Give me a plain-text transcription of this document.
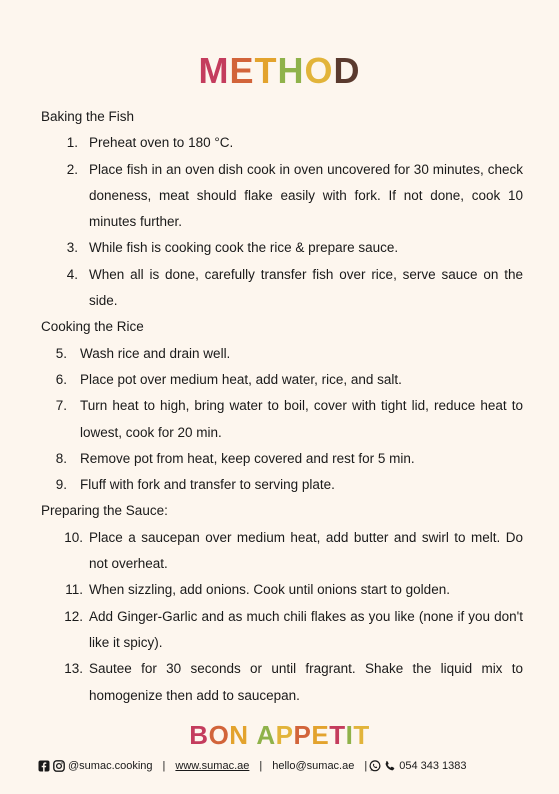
METHOD
Baking the Fish
1. Preheat oven to 180 °C.
2. Place fish in an oven dish cook in oven uncovered for 30 minutes, check doneness, meat should flake easily with fork. If not done, cook 10 minutes further.
3. While fish is cooking cook the rice & prepare sauce.
4. When all is done, carefully transfer fish over rice, serve sauce on the side.
Cooking the Rice
5. Wash rice and drain well.
6. Place pot over medium heat, add water, rice, and salt.
7. Turn heat to high, bring water to boil, cover with tight lid, reduce heat to lowest, cook for 20 min.
8. Remove pot from heat, keep covered and rest for 5 min.
9. Fluff with fork and transfer to serving plate.
Preparing the Sauce:
10. Place a saucepan over medium heat, add butter and swirl to melt. Do not overheat.
11. When sizzling, add onions. Cook until onions start to golden.
12. Add Ginger-Garlic and as much chili flakes as you like (none if you don't like it spicy).
13. Sautee for 30 seconds or until fragrant. Shake the liquid mix to homogenize then add to saucepan.
BON APPETIT
@sumac.cooking | www.sumac.ae | hello@sumac.ae |	054 343 1383
